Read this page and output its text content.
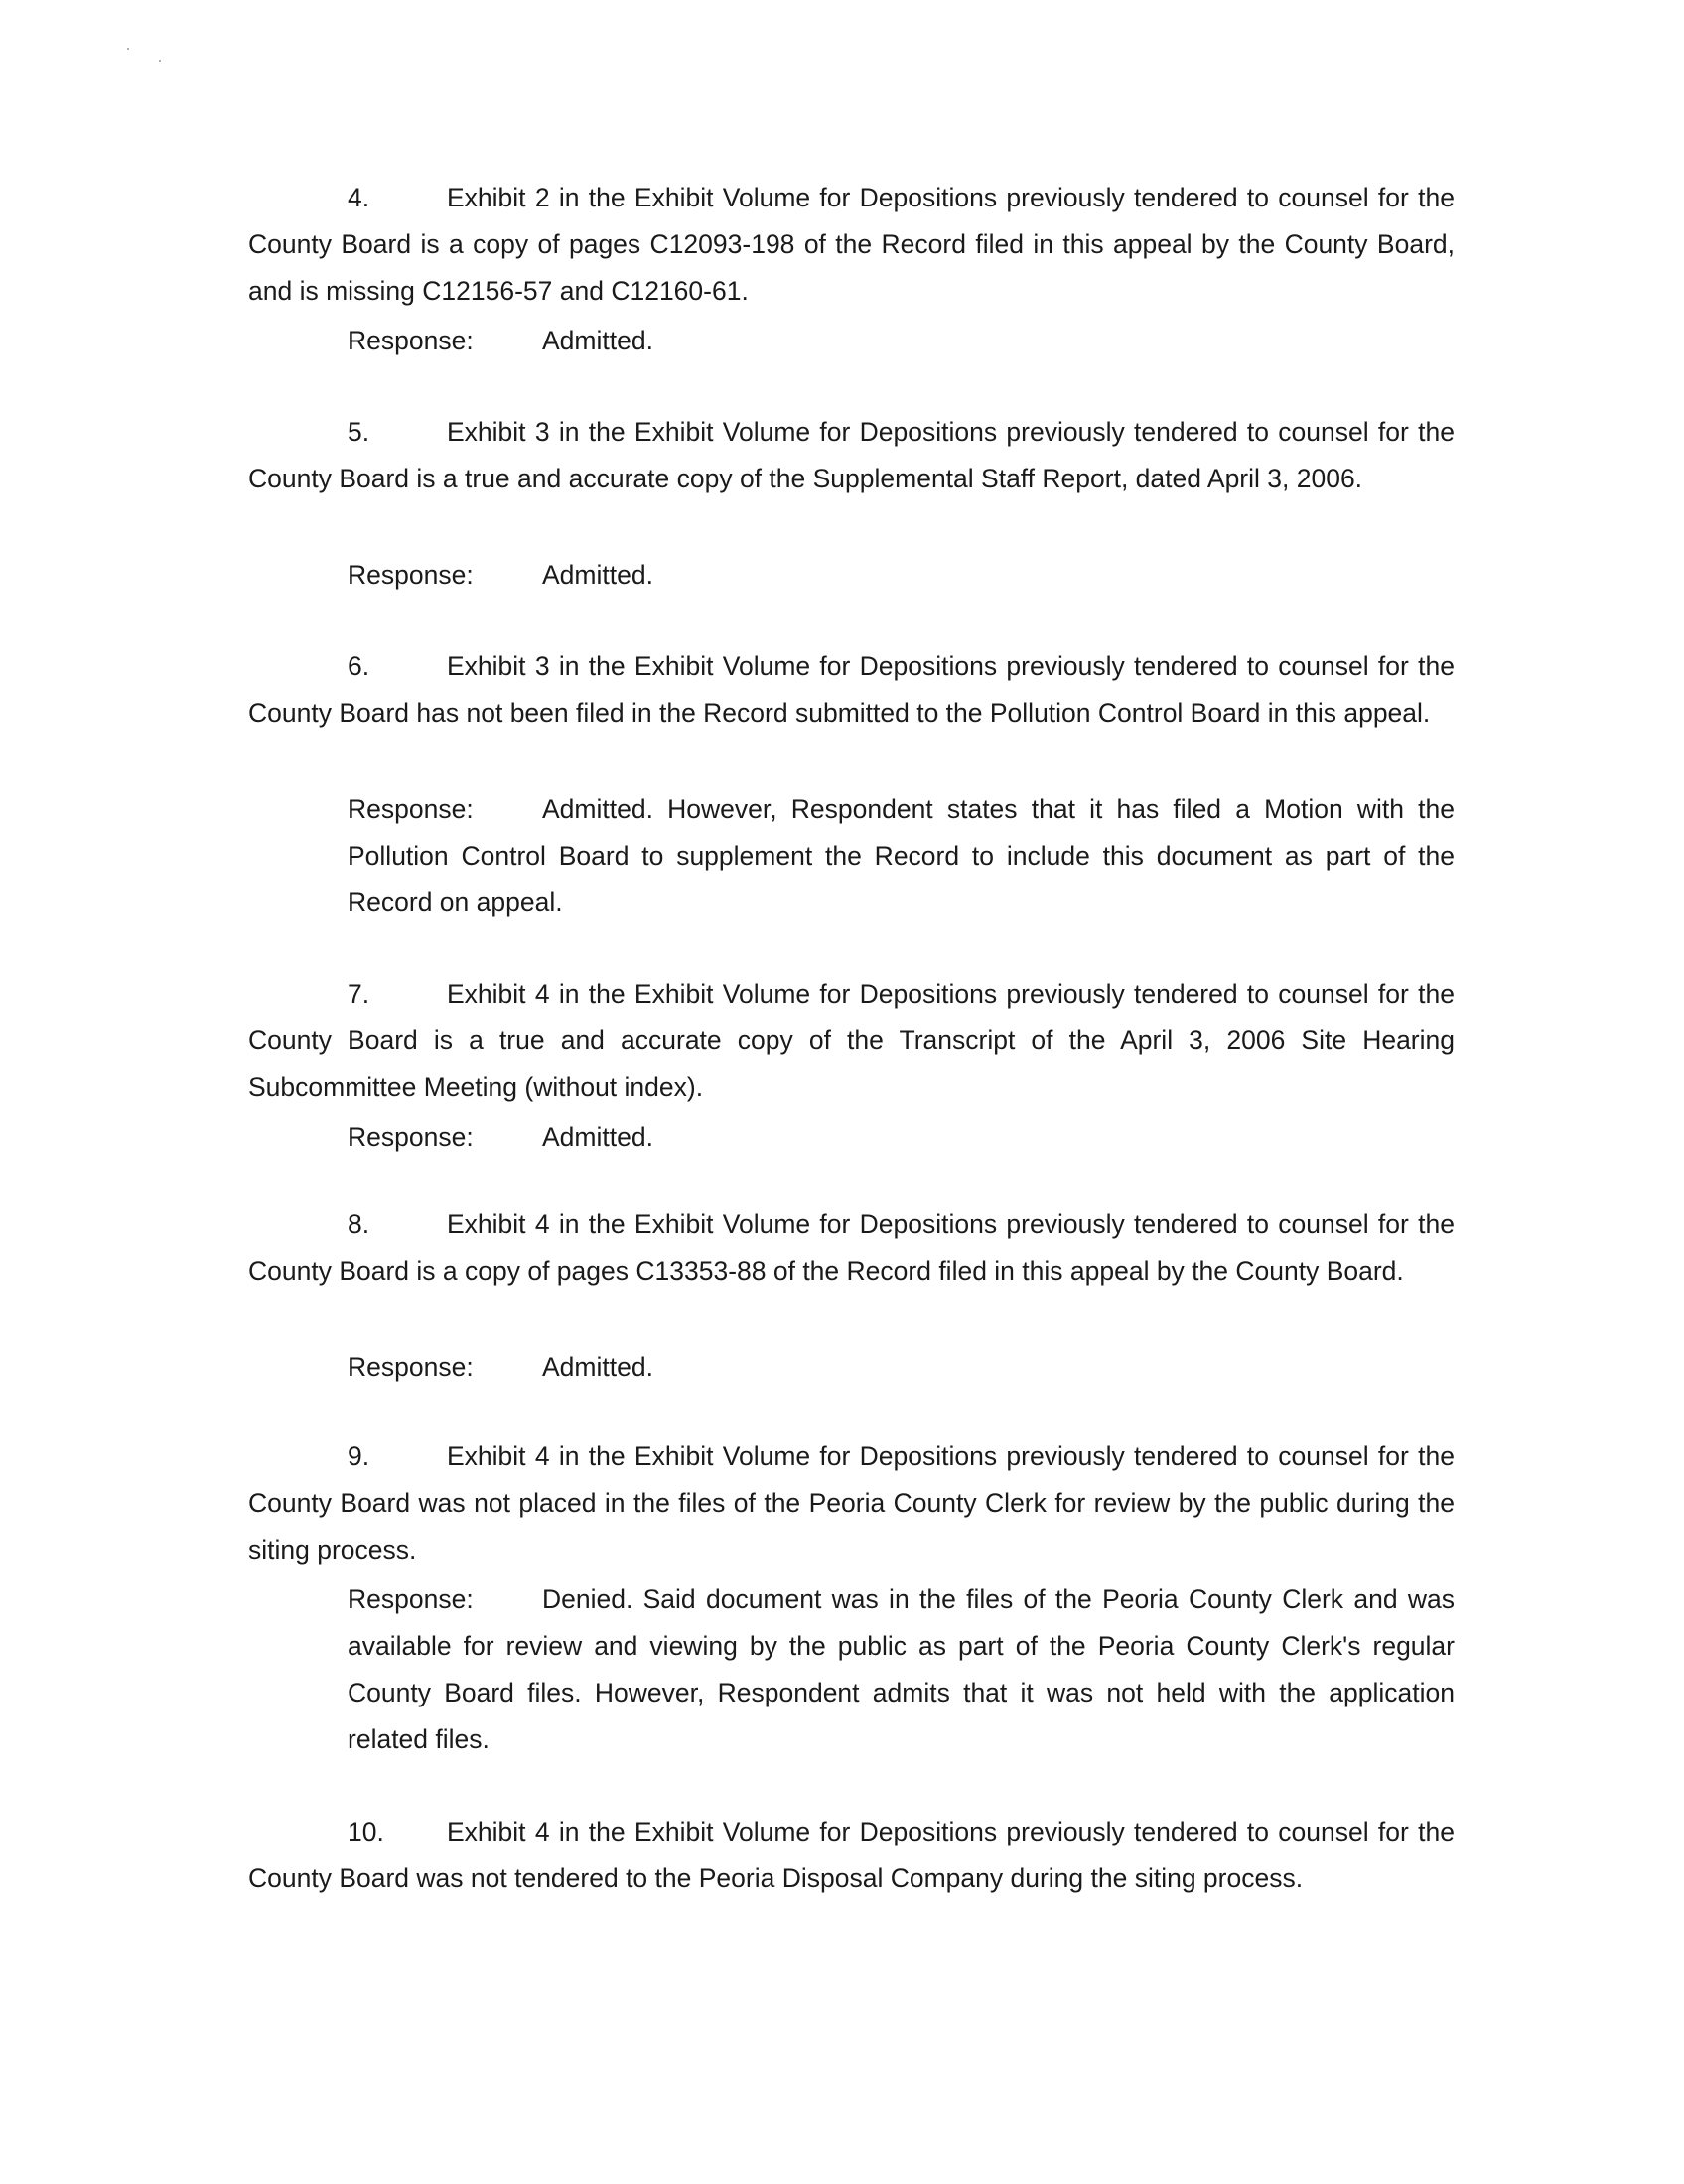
4.	Exhibit 2 in the Exhibit Volume for Depositions previously tendered to counsel for the County Board is a copy of pages C12093-198 of the Record filed in this appeal by the County Board, and is missing C12156-57 and C12160-61.
Response:	Admitted.
5.	Exhibit 3 in the Exhibit Volume for Depositions previously tendered to counsel for the County Board is a true and accurate copy of the Supplemental Staff Report, dated April 3, 2006.
Response:	Admitted.
6.	Exhibit 3 in the Exhibit Volume for Depositions previously tendered to counsel for the County Board has not been filed in the Record submitted to the Pollution Control Board in this appeal.
Response:	Admitted. However, Respondent states that it has filed a Motion with the Pollution Control Board to supplement the Record to include this document as part of the Record on appeal.
7.	Exhibit 4 in the Exhibit Volume for Depositions previously tendered to counsel for the County Board is a true and accurate copy of the Transcript of the April 3, 2006 Site Hearing Subcommittee Meeting (without index).
Response:	Admitted.
8.	Exhibit 4 in the Exhibit Volume for Depositions previously tendered to counsel for the County Board is a copy of pages C13353-88 of the Record filed in this appeal by the County Board.
Response:	Admitted.
9.	Exhibit 4 in the Exhibit Volume for Depositions previously tendered to counsel for the County Board was not placed in the files of the Peoria County Clerk for review by the public during the siting process.
Response:	Denied. Said document was in the files of the Peoria County Clerk and was available for review and viewing by the public as part of the Peoria County Clerk's regular County Board files. However, Respondent admits that it was not held with the application related files.
10. Exhibit 4 in the Exhibit Volume for Depositions previously tendered to counsel for the County Board was not tendered to the Peoria Disposal Company during the siting process.
